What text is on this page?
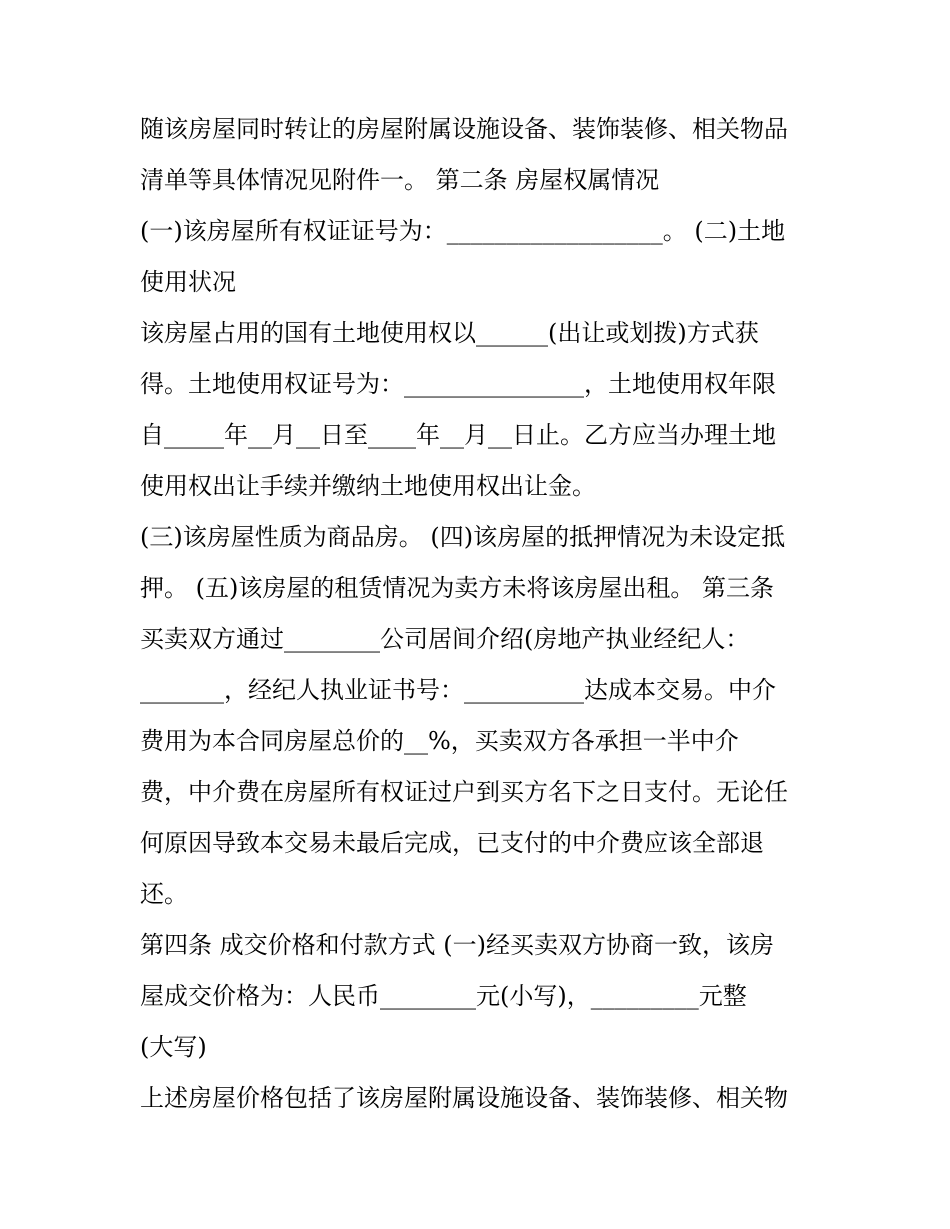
随该房屋同时转让的房屋附属设施设备、装饰装修、相关物品
清单等具体情况见附件一。 第二条 房屋权属情况
(一)该房屋所有权证证号为：__________________。 (二)土地
使用状况
该房屋占用的国有土地使用权以______(出让或划拨)方式获
得。土地使用权证号为：_______________，土地使用权年限
自_____年__月__日至____年__月__日止。乙方应当办理土地
使用权出让手续并缴纳土地使用权出让金。
(三)该房屋性质为商品房。 (四)该房屋的抵押情况为未设定抵
押。 (五)该房屋的租赁情况为卖方未将该房屋出租。 第三条
买卖双方通过________公司居间介绍(房地产执业经纪人：
_______，经纪人执业证书号：__________达成本交易。中介
费用为本合同房屋总价的__%，买卖双方各承担一半中介
费，中介费在房屋所有权证过户到买方名下之日支付。无论任
何原因导致本交易未最后完成，已支付的中介费应该全部退
还。
第四条 成交价格和付款方式 (一)经买卖双方协商一致，该房
屋成交价格为：人民币________元(小写)，_________元整
(大写)
上述房屋价格包括了该房屋附属设施设备、装饰装修、相关物
